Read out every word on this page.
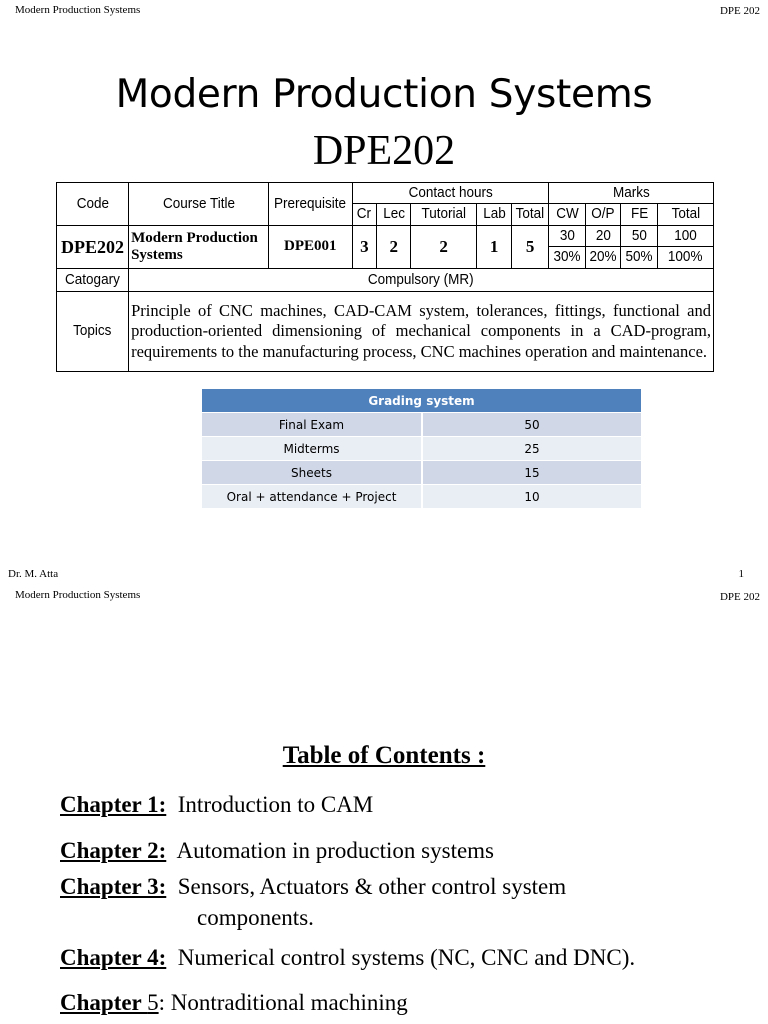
Modern Production Systems	DPE 202
Modern Production Systems
DPE202
Code	Course Title	Prerequisite	Contact hours					Marks			
			Cr	Lec	Tutorial	Lab	Total	CW	O/P	FE	Total
DPE202	Modern Production Systems	DPE001	3	2	2	1	5	30	20	50	100
								30%	20%	50%	100%
Catogary	Compulsory (MR)										
Topics	Principle of CNC machines, CAD-CAM system, tolerances, fittings, functional and production-oriented dimensioning of mechanical components in a CAD-program, requirements to the manufacturing process, CNC machines operation and maintenance.										
Grading system	
Final Exam	50
Midterms	25
Sheets	15
Oral + attendance + Project	10
Dr. M. Atta	1
Modern Production Systems	DPE 202
Table of Contents :
Chapter 1: Introduction to CAM
Chapter 2: Automation in production systems
Chapter 3: Sensors, Actuators & other control system
components.
Chapter 4: Numerical control systems (NC, CNC and DNC).
Chapter 5: Nontraditional machining
